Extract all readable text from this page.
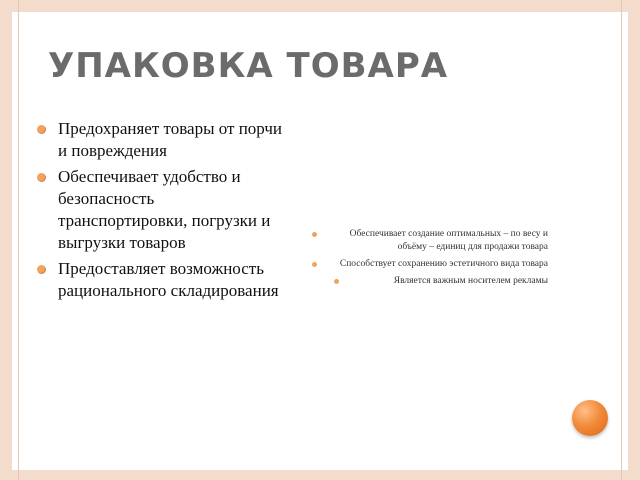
УПАКОВКА ТОВАРА
Предохраняет товары от порчи и повреждения
Обеспечивает удобство и безопасность транспортировки, погрузки и выгрузки товаров
Предоставляет возможность рационального складирования
Обеспечивает создание оптимальных – по весу и объёму – единиц для продажи товара
Способствует сохранению эстетичного вида товара
Является важным носителем рекламы
